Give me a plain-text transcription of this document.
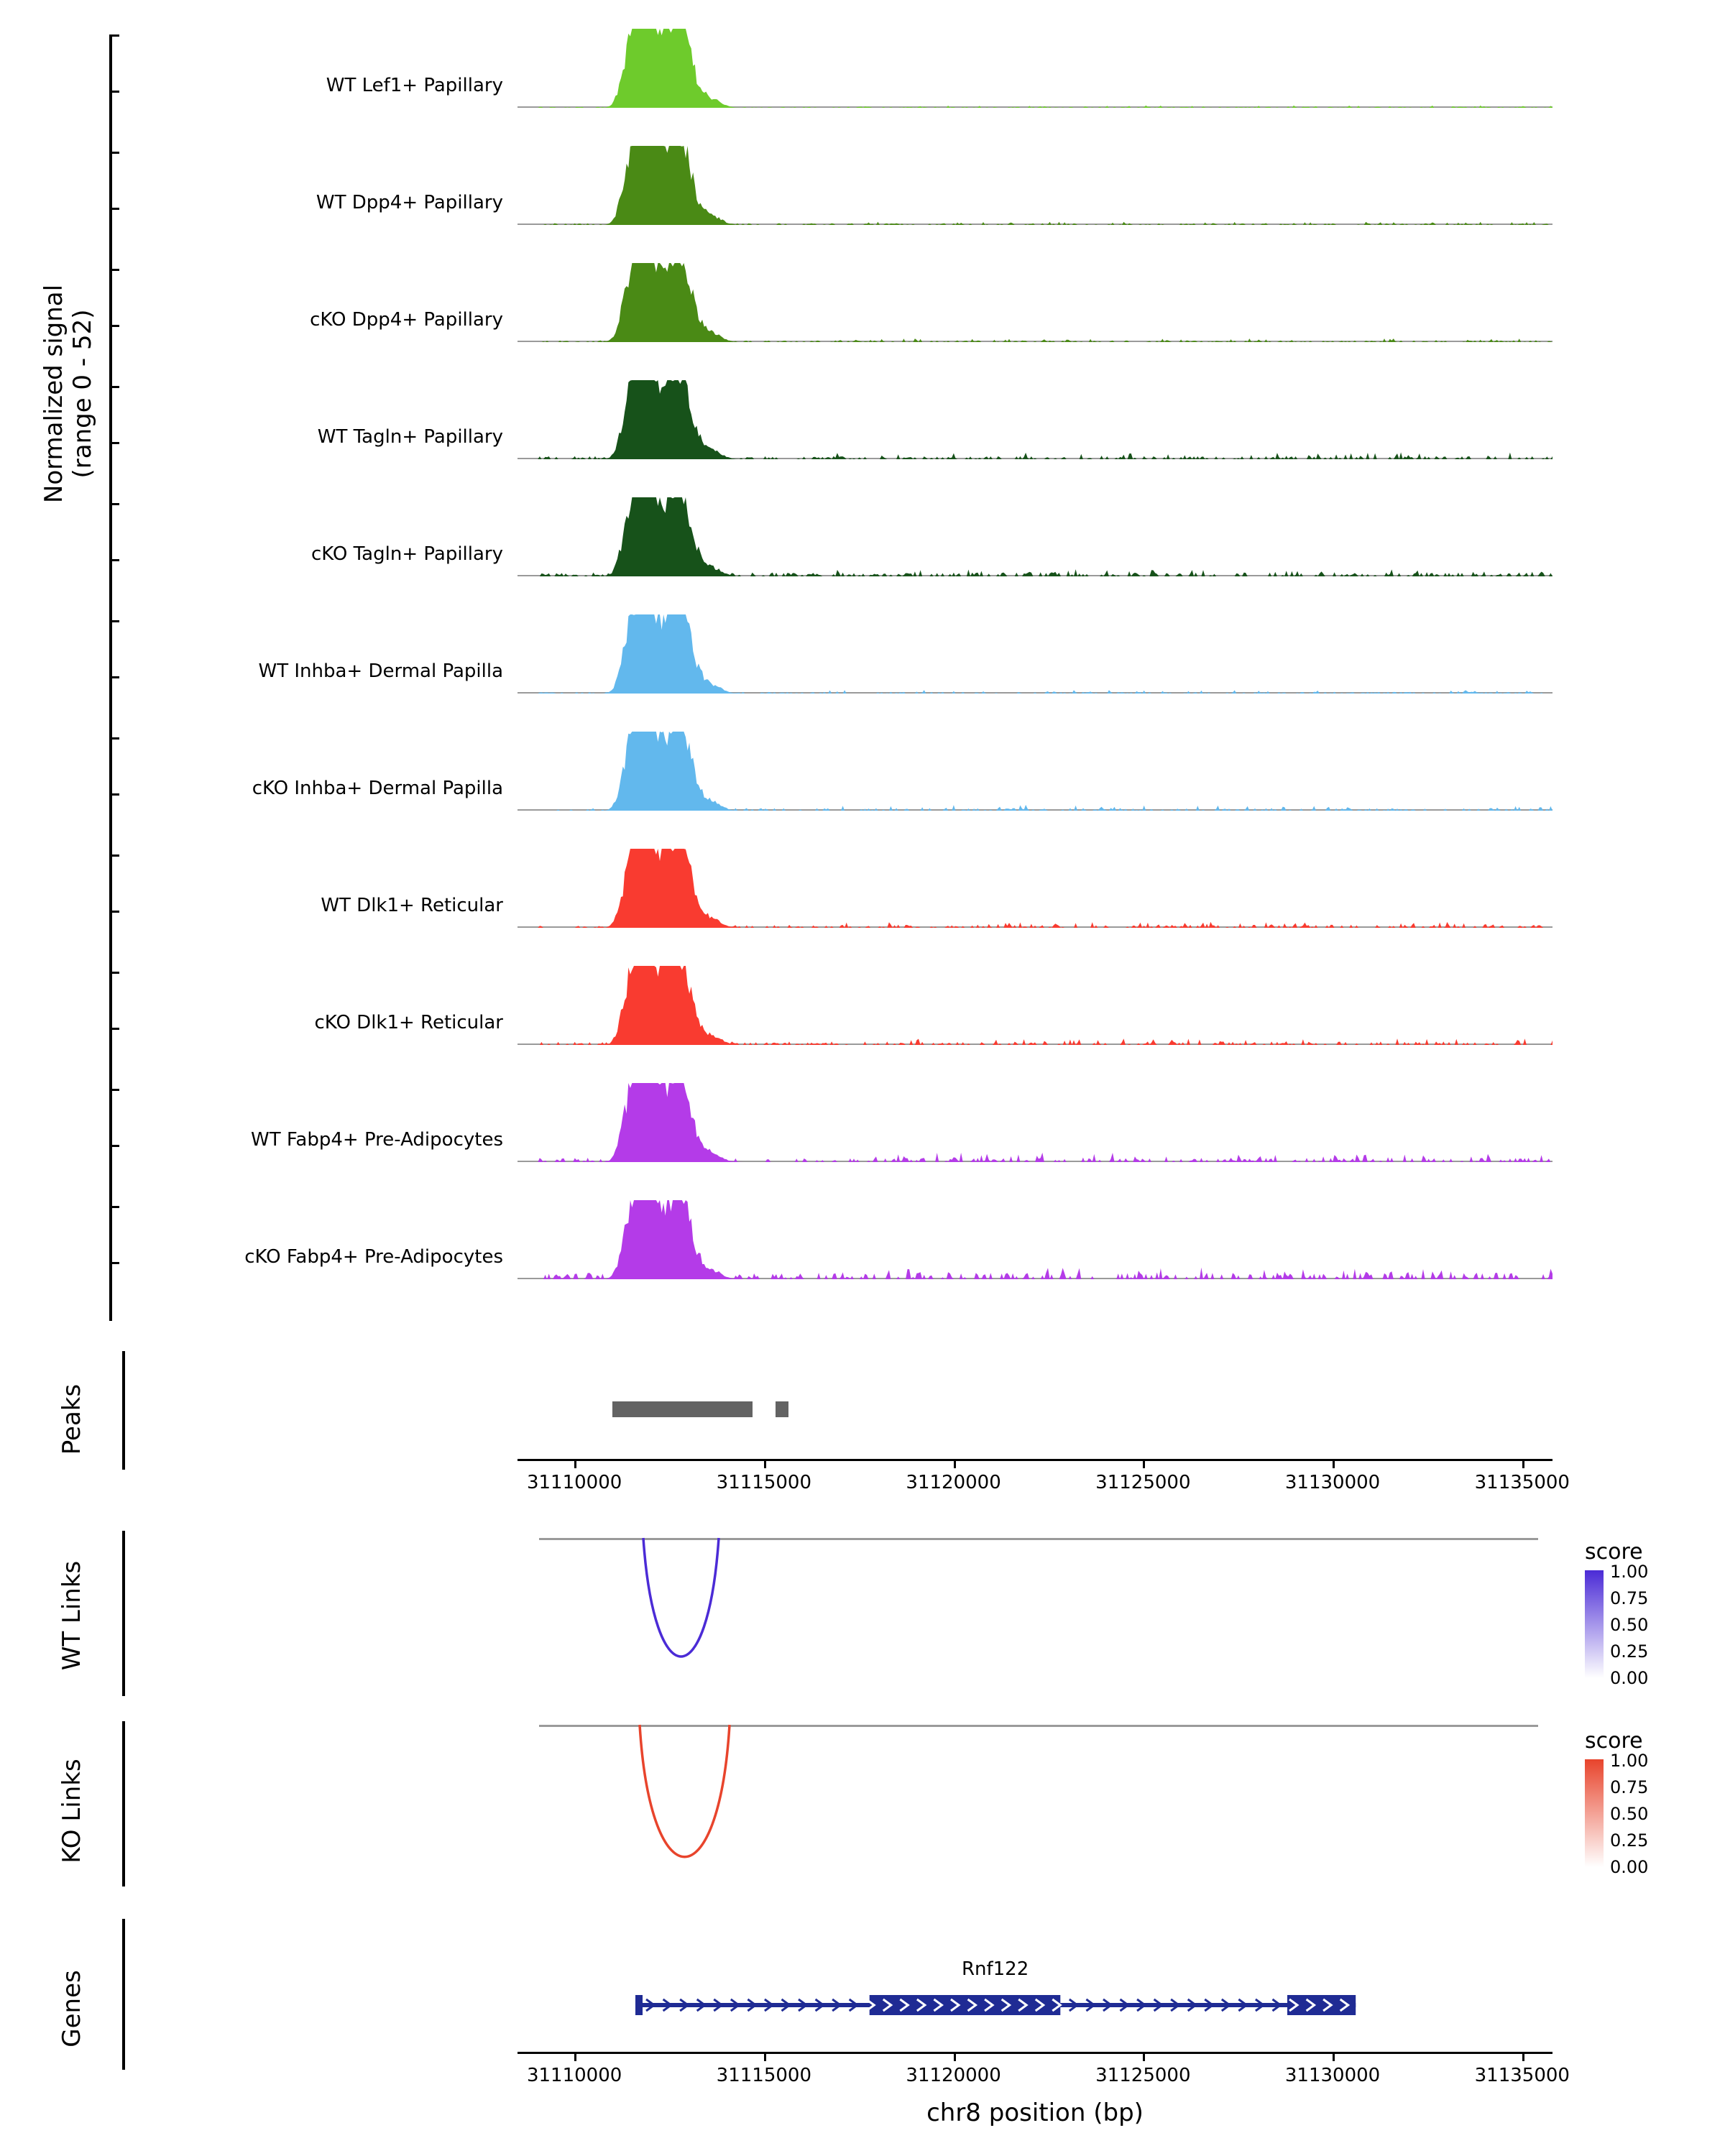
Normalized signal (range 0 - 52)
WT Lef1+ Papillary
WT Dpp4+ Papillary
cKO Dpp4+ Papillary
WT Tagln+ Papillary
cKO Tagln+ Papillary
WT Inhba+ Dermal Papilla
cKO Inhba+ Dermal Papilla
WT Dlk1+ Reticular
cKO Dlk1+ Reticular
WT Fabp4+ Pre-Adipocytes
cKO Fabp4+ Pre-Adipocytes
Peaks
31110000	31115000	31120000	31125000	31130000	31135000
WT Links
score
1.00
0.75
0.50
0.25
0.00
KO Links
score
1.00
0.75
0.50
0.25
0.00
Genes
Rnf122
31110000	31115000	31120000	31125000	31130000	31135000
chr8 position (bp)
